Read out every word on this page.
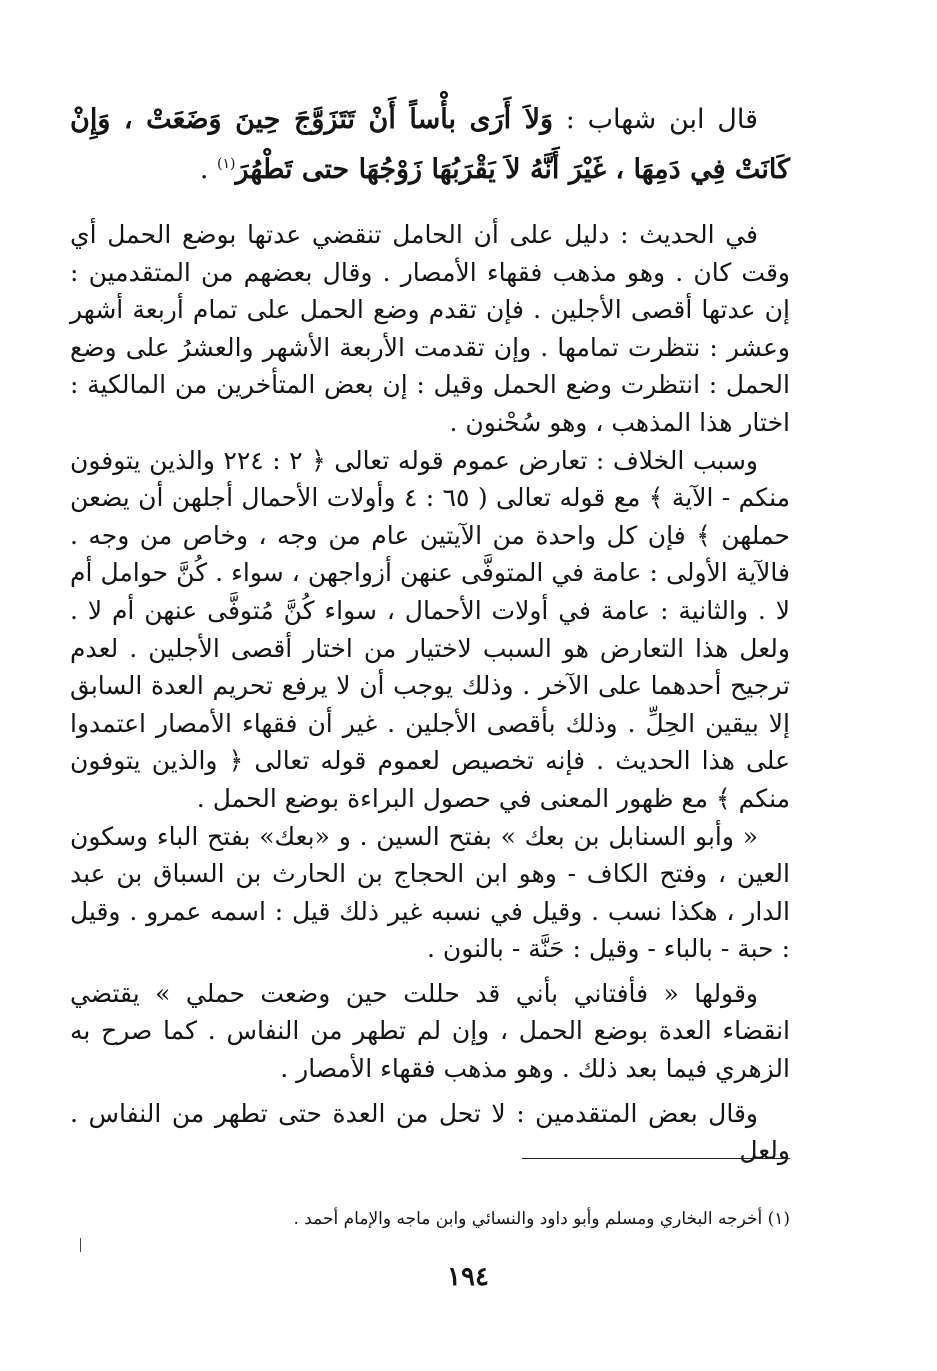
قال ابن شهاب : وَلاَ أَرَى بأْساً أَنْ تَتَزَوَّجَ حِينَ وَضَعَتْ ، وَإِنْ كَانَتْ فِي دَمِهَا ، غَيْرَ أَنَّهُ لاَ يَقْرَبُهَا زَوْجُهَا حتى تَطْهُرَ$^{(١)}$ .

في الحديث : دليل على أن الحامل تنقضي عدتها بوضع الحمل أي وقت كان . وهو مذهب فقهاء الأمصار . وقال بعضهم من المتقدمين : إن عدتها أقصى الأجلين . فإن تقدم وضع الحمل على تمام أربعة أشهر وعشر : نتظرت تمامها . وإن تقدمت الأربعة الأشهر والعشرُ على وضع الحمل : انتظرت وضع الحمل وقيل : إن بعض المتأخرين من المالكية : اختار هذا المذهب ، وهو سُحْنون .

وسبب الخلاف : تعارض عموم قوله تعالى ﴿ ٢ : ٢٢٤ والذين يتوفون منكم - الآية ﴾ مع قوله تعالى ( ٦٥ : ٤ وأولات الأحمال أجلهن أن يضعن حملهن ﴾ فإن كل واحدة من الآيتين عام من وجه ، وخاص من وجه . فالآية الأولى : عامة في المتوفَّى عنهن أزواجهن ، سواء . كُنَّ حوامل أم لا . والثانية : عامة في أولات الأحمال ، سواء كُنَّ مُتوفَّى عنهن أم لا . ولعل هذا التعارض هو السبب لاختيار من اختار أقصى الأجلين . لعدم ترجيح أحدهما على الآخر . وذلك يوجب أن لا يرفع تحريم العدة السابق إلا بيقين الحِلِّ . وذلك بأقصى الأجلين . غير أن فقهاء الأمصار اعتمدوا على هذا الحديث . فإنه تخصيص لعموم قوله تعالى ﴿ والذين يتوفون منكم ﴾ مع ظهور المعنى في حصول البراءة بوضع الحمل .

« وأبو السنابل بن بعك » بفتح السين . و «بعك» بفتح الباء وسكون العين ، وفتح الكاف - وهو ابن الحجاج بن الحارث بن السباق بن عبد الدار ، هكذا نسب . وقيل في نسبه غير ذلك قيل : اسمه عمرو . وقيل : حبة - بالباء - وقيل : حَنَّة - بالنون .

وقولها « فأفتاني بأني قد حللت حين وضعت حملي » يقتضي انقضاء العدة بوضع الحمل ، وإن لم تطهر من النفاس . كما صرح به الزهري فيما بعد ذلك . وهو مذهب فقهاء الأمصار .

وقال بعض المتقدمين : لا تحل من العدة حتى تطهر من النفاس . ولعل

(١) أخرجه البخاري ومسلم وأبو داود والنسائي وابن ماجه والإمام أحمد .
١٩٤
